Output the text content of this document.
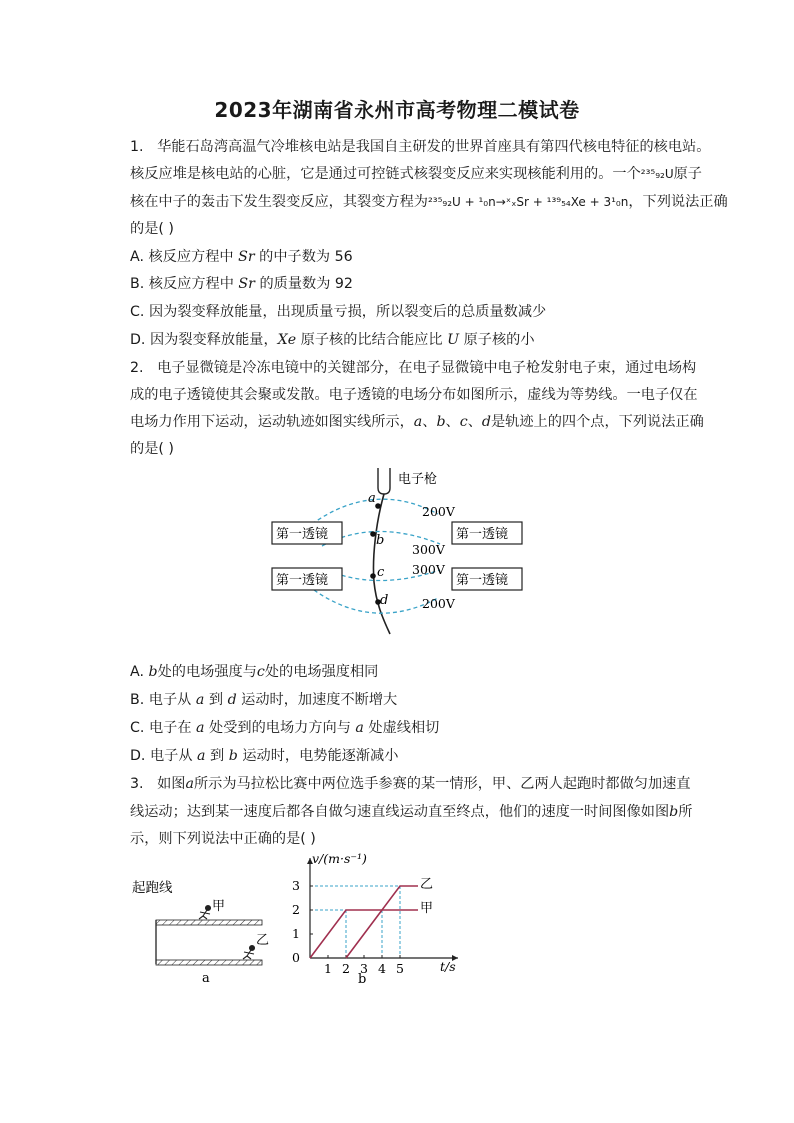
2023年湖南省永州市高考物理二模试卷
1. 华能石岛湾高温气冷堆核电站是我国自主研发的世界首座具有第四代核电特征的核电站。
核反应堆是核电站的心脏，它是通过可控链式核裂变反应来实现核能利用的。一个²³⁵₉₂U原子
核在中子的轰击下发生裂变反应，其裂变方程为²³⁵₉₂U + ¹₀n→ˣₓSr + ¹³⁹₅₄Xe + 3¹₀n，下列说法正确
的是( )
A. 核反应方程中 Sr 的中子数为 56
B. 核反应方程中 Sr 的质量数为 92
C. 因为裂变释放能量，出现质量亏损，所以裂变后的总质量数减少
D. 因为裂变释放能量，Xe 原子核的比结合能应比 U 原子核的小
2. 电子显微镜是冷冻电镜中的关键部分，在电子显微镜中电子枪发射电子束，通过电场构
成的电子透镜使其会聚或发散。电子透镜的电场分布如图所示，虚线为等势线。一电子仅在
电场力作用下运动，运动轨迹如图实线所示，a、b、c、d是轨迹上的四个点，下列说法正确
的是( )
电子枪
第一透镜	第一透镜
第一透镜	第一透镜
200V
300V
300V
200V
a
b
c
d
A. b处的电场强度与c处的电场强度相同
B. 电子从 a 到 d 运动时，加速度不断增大
C. 电子在 a 处受到的电场力方向与 a 处虚线相切
D. 电子从 a 到 b 运动时，电势能逐渐减小
3. 如图a所示为马拉松比赛中两位选手参赛的某一情形，甲、乙两人起跑时都做匀加速直
线运动；达到某一速度后都各自做匀速直线运动直至终点，他们的速度一时间图像如图b所
示，则下列说法中正确的是( )
起跑线
甲
乙
a
0
1
2
3
1 2 3 4 5
v/(m·s⁻¹)
t/s
b
乙
甲
